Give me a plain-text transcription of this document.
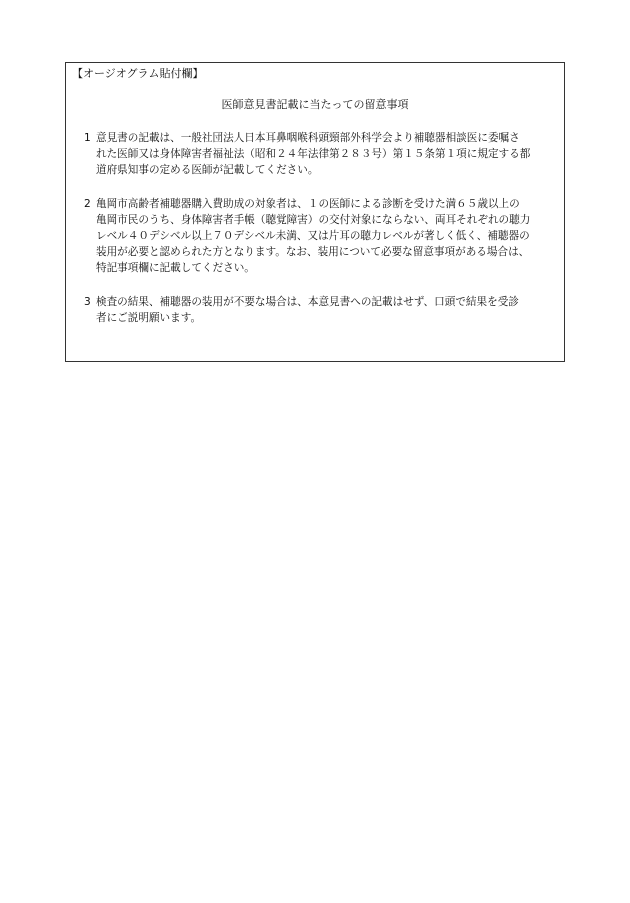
【オージオグラム貼付欄】
医師意見書記載に当たっての留意事項
1 意見書の記載は、一般社団法人日本耳鼻咽喉科頭頸部外科学会より補聴器相談医に委嘱さ
れた医師又は身体障害者福祉法（昭和２４年法律第２８３号）第１５条第１項に規定する都
道府県知事の定める医師が記載してください。
2 亀岡市高齢者補聴器購入費助成の対象者は、１の医師による診断を受けた満６５歳以上の
亀岡市民のうち、身体障害者手帳（聴覚障害）の交付対象にならない、両耳それぞれの聴力
レベル４０デシベル以上７０デシベル未満、又は片耳の聴力レベルが著しく低く、補聴器の
装用が必要と認められた方となります。なお、装用について必要な留意事項がある場合は、
特記事項欄に記載してください。
3 検査の結果、補聴器の装用が不要な場合は、本意見書への記載はせず、口頭で結果を受診
者にご説明願います。
